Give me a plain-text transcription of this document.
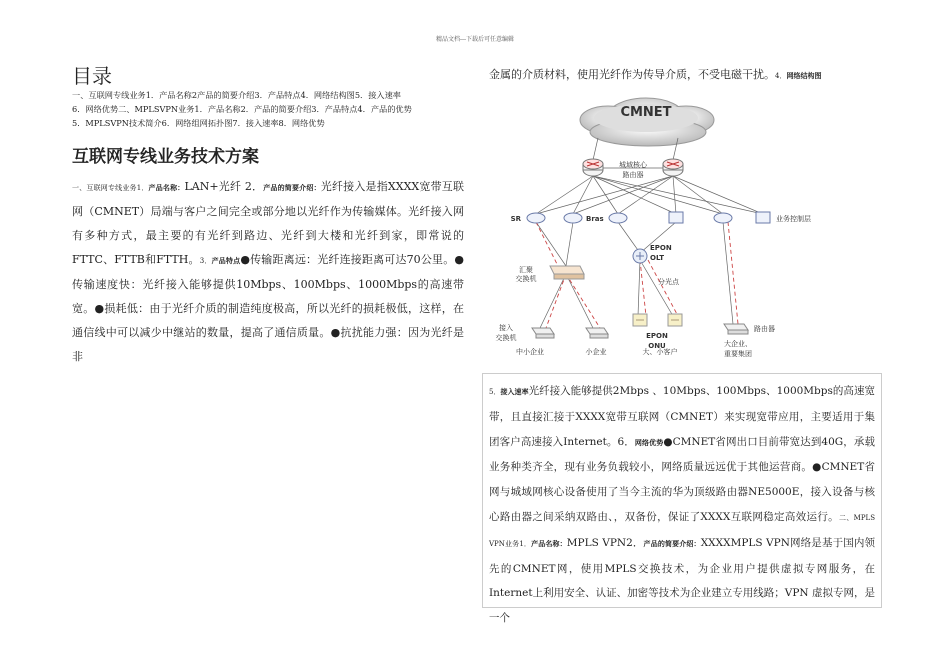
精品文档---下载后可任意编辑
目录
一、互联网专线业务1．产品名称2产品的简要介绍3．产品特点4．网络结构图5．接入速率
6．网络优势二、MPLSVPN业务1．产品名称2．产品的简要介绍3．产品特点4．产品的优势
5．MPLSVPN技术简介6．网络组网拓扑图7．接入速率8．网络优势
互联网专线业务技术方案
一、互联网专线业务1．产品名称：LAN+光纤 2．产品的简要介绍：光纤接入是指XXXX宽带互联网（CMNET）局端与客户之间完全或部分地以光纤作为传输媒体。光纤接入网有多种方式，最主要的有光纤到路边、光纤到大楼和光纤到家，即常说的FTTC、FTTB和FTTH。3．产品特点●传输距离远：光纤连接距离可达70公里。●传输速度快：光纤接入能够提供10Mbps、100Mbps、1000Mbps的高速带宽。●损耗低：由于光纤介质的制造纯度极高，所以光纤的损耗极低，这样，在通信线中可以减少中继站的数量，提高了通信质量。●抗扰能力强：因为光纤是非
金属的介质材料，使用光纤作为传导介质，不受电磁干扰。4．网络结构图
CMNET
城域核心
路由器
SR	Bras	业务控制层
汇聚
交换机
EPON
OLT
分光点
接入
交换机	EPON
ONU
路由器
中小企业	小企业	大、小客户
大企业、
重要集团
5．接入速率光纤接入能够提供2Mbps 、10Mbps、100Mbps、1000Mbps的高速宽带，且直接汇接于XXXX宽带互联网（CMNET）来实现宽带应用，主要适用于集团客户高速接入Internet。6．网络优势●CMNET省网出口目前带宽达到40G，承载业务种类齐全，现有业务负载较小，网络质量远远优于其他运营商。●CMNET省网与城域网核心设备使用了当今主流的华为顶级路由器NE5000E，接入设备与核心路由器之间采纳双路由、，双备份，保证了XXXX互联网稳定高效运行。二、MPLS VPN业务1．产品名称：MPLS VPN2．产品的简要介绍：XXXXMPLS VPN网络是基于国内领先的CMNET网，使用MPLS交换技术，为企业用户提供虚拟专网服务，在Internet上利用安全、认证、加密等技术为企业建立专用线路；VPN 虚拟专网，是一个
